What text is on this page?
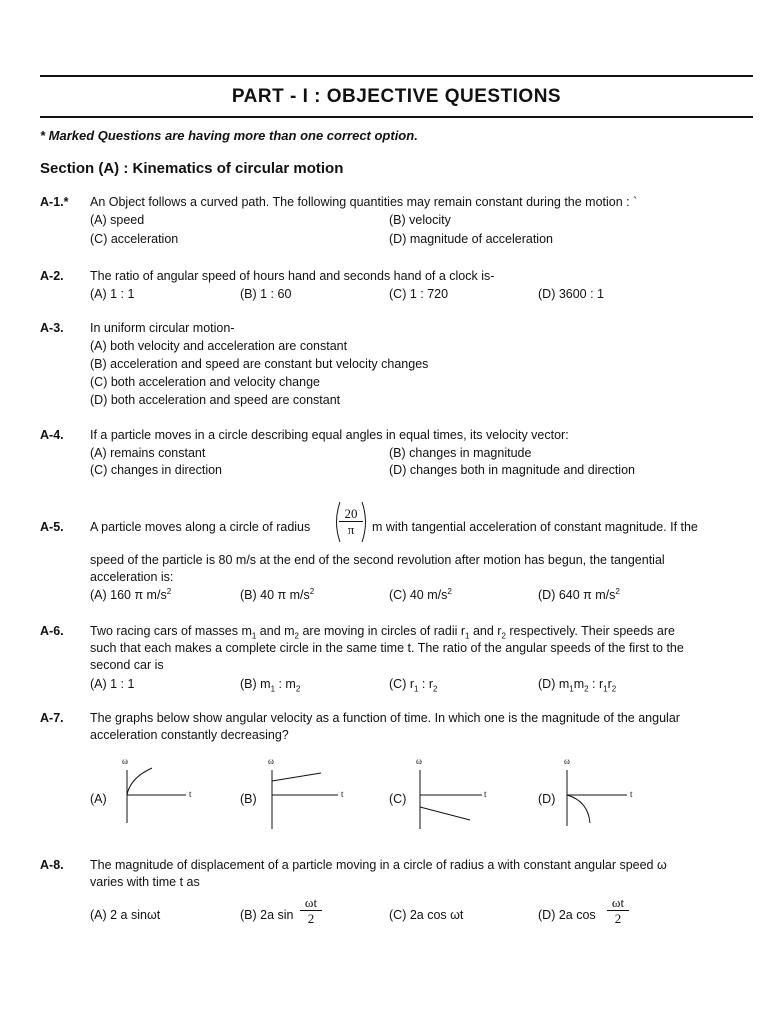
PART - I : OBJECTIVE QUESTIONS
* Marked Questions are having more than one correct option.
Section (A) : Kinematics of circular motion
A-1.* An Object follows a curved path. The following quantities may remain constant during the motion : `
(A) speed	(B) velocity
(C) acceleration	(D) magnitude of acceleration
A-2. The ratio of angular speed of hours hand and seconds hand of a clock is-
(A) 1 : 1	(B) 1 : 60	(C) 1 : 720	(D) 3600 : 1
A-3. In uniform circular motion-
(A) both velocity and acceleration are constant
(B) acceleration and speed are constant but velocity changes
(C) both acceleration and velocity change
(D) both acceleration and speed are constant
A-4. If a particle moves in a circle describing equal angles in equal times, its velocity vector:
(A) remains constant	(B) changes in magnitude
(C) changes in direction	(D) changes both in magnitude and direction
A-5. A particle moves along a circle of radius $\frac{20}{\pi}$ m with tangential acceleration of constant magnitude. If the
speed of the particle is 80 m/s at the end of the second revolution after motion has begun, the tangential
acceleration is:
(A) 160 π $m/s^2$	(B) 40 π $m/s^2$	(C) 40 $m/s^2$	(D) 640 π $m/s^2$
A-6. Two racing cars of masses $m_1$ and $m_2$ are moving in circles of radii $r_1$ and $r_2$ respectively. Their speeds are
such that each makes a complete circle in the same time t. The ratio of the angular speeds of the first to the
second car is
(A) 1 : 1	(B) $m_1$ : $m_2$	(C) $r_1$ : $r_2$	(D) $m_1m_2$ : $r_1r_2$
A-7. The graphs below show angular velocity as a function of time. In which one is the magnitude of the angular
acceleration constantly decreasing?
(A)	(B)	(C)	(D)
ω
t
ω
t
ω
t
ω
t
A-8. The magnitude of displacement of a particle moving in a circle of radius a with constant angular speed ω
varies with time t as
(A) 2 a sinωt	(B) 2a $\sin \frac{\omega t}{2}$	(C) 2a cos ωt	(D) 2a $\cos \frac{\omega t}{2}$
